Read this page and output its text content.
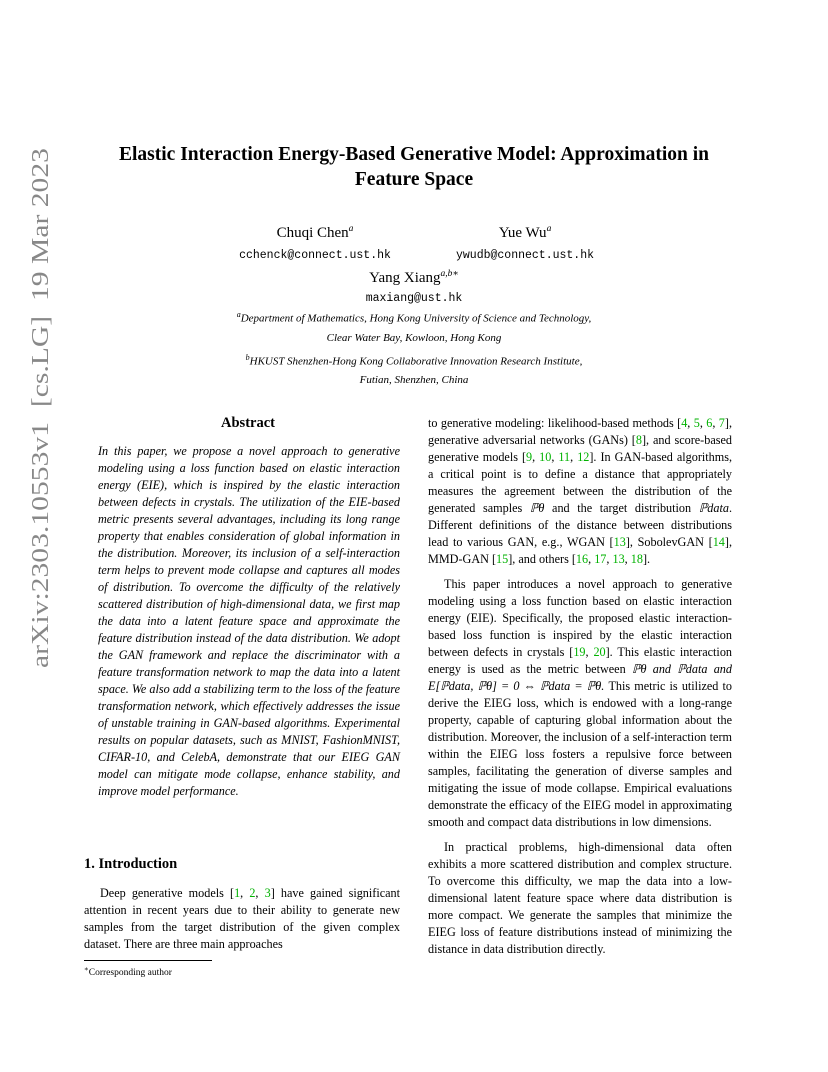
arXiv:2303.10553v1  [cs.LG]  19 Mar 2023
Elastic Interaction Energy-Based Generative Model: Approximation in Feature Space
Chuqi Chen$^a$
cchenck@connect.ust.hk
Yue Wu$^a$
ywudb@connect.ust.hk
Yang Xiang$^{a,b∗}$
maxiang@ust.hk
$^a$Department of Mathematics, Hong Kong University of Science and Technology,
Clear Water Bay, Kowloon, Hong Kong
$^b$HKUST Shenzhen-Hong Kong Collaborative Innovation Research Institute,
Futian, Shenzhen, China
Abstract
In this paper, we propose a novel approach to generative modeling using a loss function based on elastic interaction energy (EIE), which is inspired by the elastic interaction between defects in crystals. The utilization of the EIE-based metric presents several advantages, including its long range property that enables consideration of global information in the distribution. Moreover, its inclusion of a self-interaction term helps to prevent mode collapse and captures all modes of distribution. To overcome the difficulty of the relatively scattered distribution of high-dimensional data, we first map the data into a latent feature space and approximate the feature distribution instead of the data distribution. We adopt the GAN framework and replace the discriminator with a feature transformation network to map the data into a latent space. We also add a stabilizing term to the loss of the feature transformation network, which effectively addresses the issue of unstable training in GAN-based algorithms. Experimental results on popular datasets, such as MNIST, FashionMNIST, CIFAR-10, and CelebA, demonstrate that our EIEG GAN model can mitigate mode collapse, enhance stability, and improve model performance.
1. Introduction

Deep generative models [1, 2, 3] have gained significant attention in recent years due to their ability to generate new samples from the target distribution of the given complex dataset. There are three main approaches

∗Corresponding author

to generative modeling: likelihood-based methods [4, 5, 6, 7], generative adversarial networks (GANs) [8], and score-based generative models [9, 10, 11, 12]. In GAN-based algorithms, a critical point is to define a distance that appropriately measures the agreement between the distribution of the generated samples ℙθ and the target distribution ℙdata. Different definitions of the distance between distributions lead to various GAN, e.g., WGAN [13], SobolevGAN [14], MMD-GAN [15], and others [16, 17, 13, 18].

This paper introduces a novel approach to generative modeling using a loss function based on elastic interaction energy (EIE). Specifically, the proposed elastic interaction-based loss function is inspired by the elastic interaction between defects in crystals [19, 20]. This elastic interaction energy is used as the metric between ℙθ and ℙdata and E[ℙdata, ℙθ] = 0 ⇔ ℙdata = ℙθ. This metric is utilized to derive the EIEG loss, which is endowed with a long-range property, capable of capturing global information about the distribution. Moreover, the inclusion of a self-interaction term within the EIEG loss fosters a repulsive force between samples, facilitating the generation of diverse samples and mitigating the issue of mode collapse. Empirical evaluations demonstrate the efficacy of the EIEG model in approximating smooth and compact data distributions in low dimensions.

In practical problems, high-dimensional data often exhibits a more scattered distribution and complex structure. To overcome this difficulty, we map the data into a low-dimensional latent feature space where data distribution is more compact. We generate the samples that minimize the EIEG loss of feature distributions instead of minimizing the distance in data distribution directly.
